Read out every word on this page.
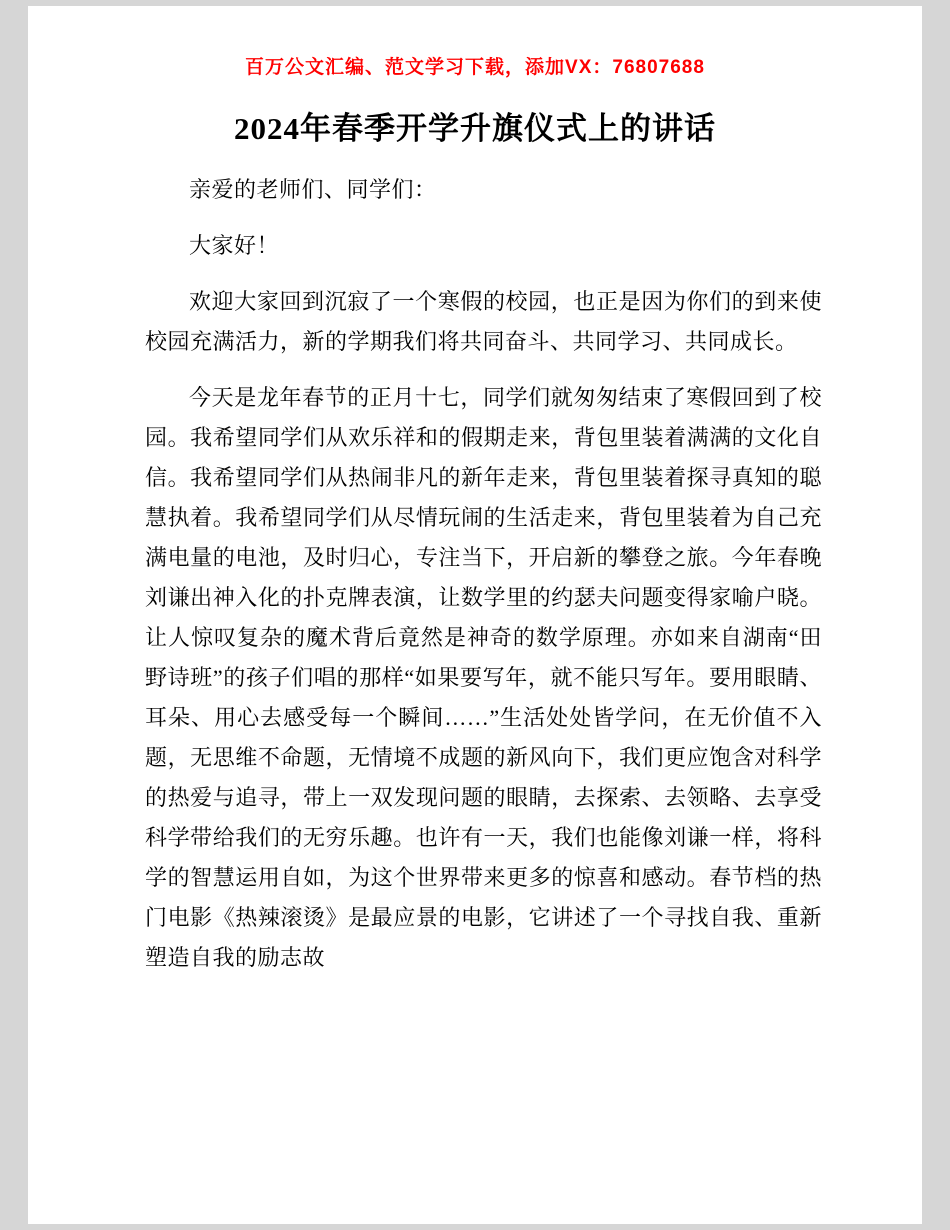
百万公文汇编、范文学习下载，添加VX：76807688
2024年春季开学升旗仪式上的讲话

亲爱的老师们、同学们：

大家好！

欢迎大家回到沉寂了一个寒假的校园，也正是因为你们的到来使校园充满活力，新的学期我们将共同奋斗、共同学习、共同成长。

今天是龙年春节的正月十七，同学们就匆匆结束了寒假回到了校园。我希望同学们从欢乐祥和的假期走来，背包里装着满满的文化自信。我希望同学们从热闹非凡的新年走来，背包里装着探寻真知的聪慧执着。我希望同学们从尽情玩闹的生活走来，背包里装着为自己充满电量的电池，及时归心，专注当下，开启新的攀登之旅。今年春晚刘谦出神入化的扑克牌表演，让数学里的约瑟夫问题变得家喻户晓。让人惊叹复杂的魔术背后竟然是神奇的数学原理。亦如来自湖南“田野诗班”的孩子们唱的那样“如果要写年，就不能只写年。要用眼睛、耳朵、用心去感受每一个瞬间……”生活处处皆学问，在无价值不入题，无思维不命题，无情境不成题的新风向下，我们更应饱含对科学的热爱与追寻，带上一双发现问题的眼睛，去探索、去领略、去享受科学带给我们的无穷乐趣。也许有一天，我们也能像刘谦一样，将科学的智慧运用自如，为这个世界带来更多的惊喜和感动。春节档的热门电影《热辣滚烫》是最应景的电影，它讲述了一个寻找自我、重新塑造自我的励志故
